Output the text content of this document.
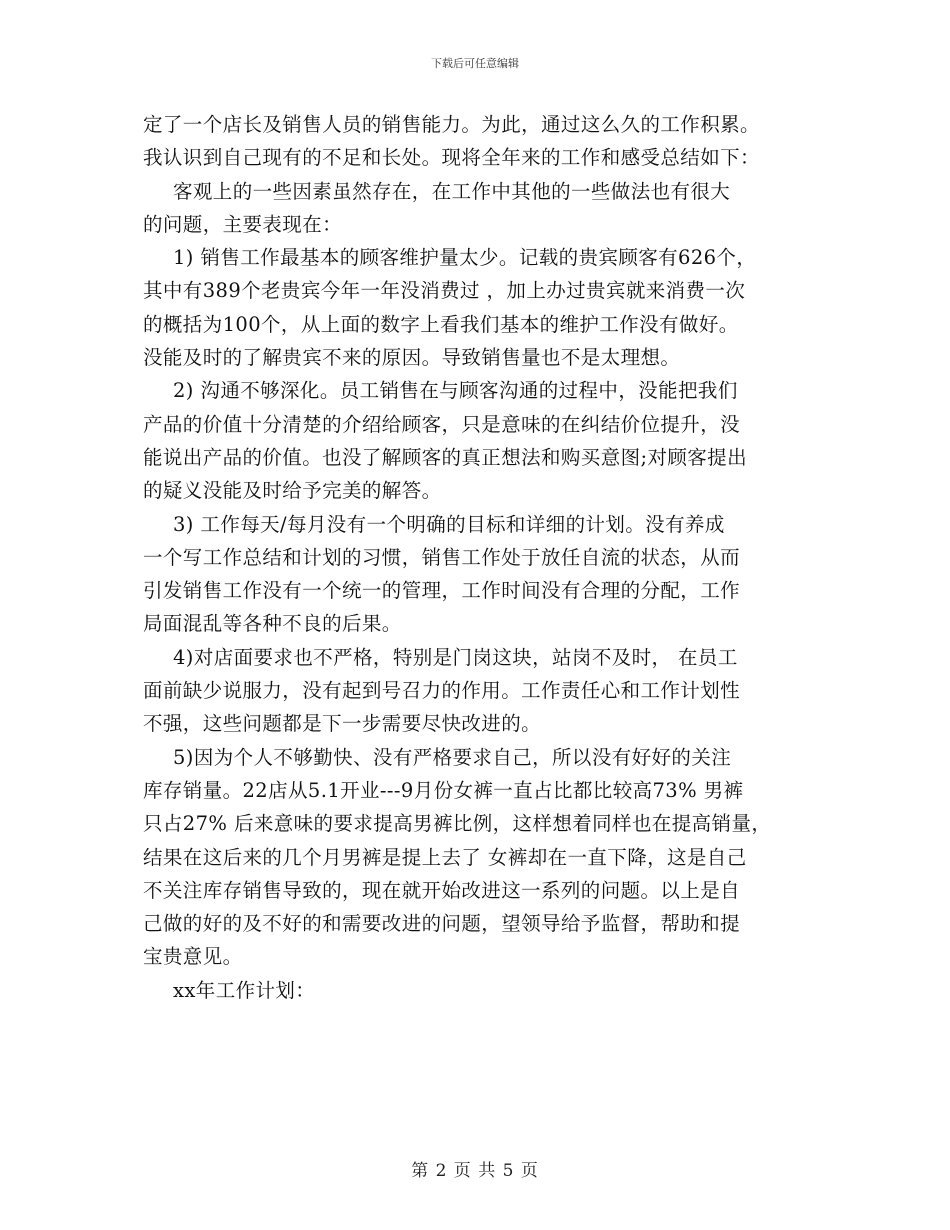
下载后可任意编辑
定了一个店长及销售人员的销售能力。为此，通过这么久的工作积累。
我认识到自己现有的不足和长处。现将全年来的工作和感受总结如下：
客观上的一些因素虽然存在，在工作中其他的一些做法也有很大
的问题，主要表现在：
1) 销售工作最基本的顾客维护量太少。记载的贵宾顾客有626个，
其中有389个老贵宾今年一年没消费过 ，加上办过贵宾就来消费一次
的概括为100个，从上面的数字上看我们基本的维护工作没有做好。
没能及时的了解贵宾不来的原因。导致销售量也不是太理想。
2) 沟通不够深化。员工销售在与顾客沟通的过程中，没能把我们
产品的价值十分清楚的介绍给顾客，只是意味的在纠结价位提升，没
能说出产品的价值。也没了解顾客的真正想法和购买意图;对顾客提出
的疑义没能及时给予完美的解答。
3) 工作每天/每月没有一个明确的目标和详细的计划。没有养成
一个写工作总结和计划的习惯，销售工作处于放任自流的状态，从而
引发销售工作没有一个统一的管理，工作时间没有合理的分配，工作
局面混乱等各种不良的后果。
4)对店面要求也不严格，特别是门岗这块，站岗不及时， 在员工
面前缺少说服力，没有起到号召力的作用。工作责任心和工作计划性
不强，这些问题都是下一步需要尽快改进的。
5)因为个人不够勤快、没有严格要求自己，所以没有好好的关注
库存销量。22店从5.1开业---9月份女裤一直占比都比较高73% 男裤
只占27% 后来意味的要求提高男裤比例，这样想着同样也在提高销量，
结果在这后来的几个月男裤是提上去了 女裤却在一直下降，这是自己
不关注库存销售导致的，现在就开始改进这一系列的问题。以上是自
己做的好的及不好的和需要改进的问题，望领导给予监督，帮助和提
宝贵意见。
xx年工作计划：
第 2 页 共 5 页
